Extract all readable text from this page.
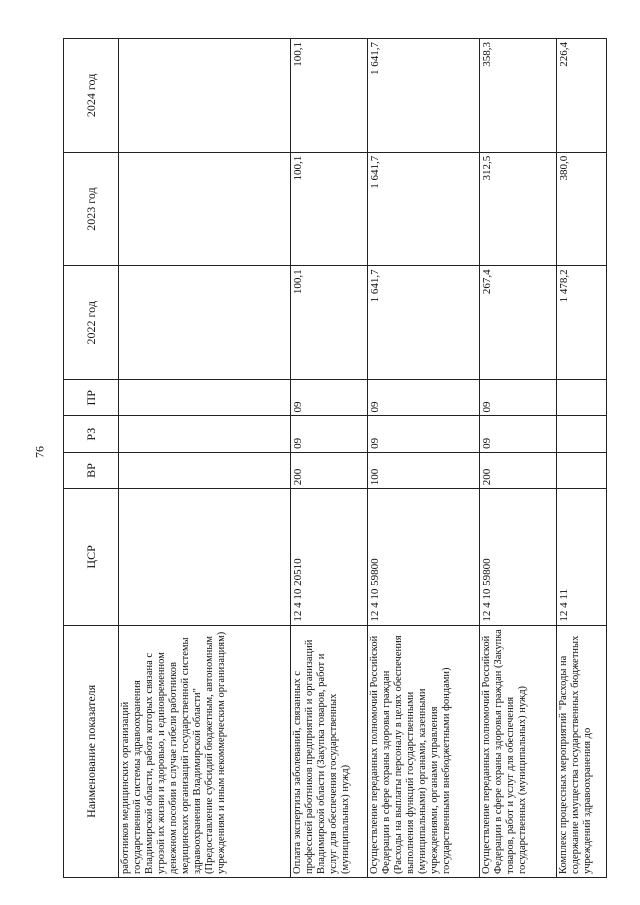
76
Наименование показателя	ЦСР	ВР	РЗ	ПР	2022 год	2023 год	2024 год
работников медицинских организаций государственной системы здравоохранения Владимирской области, работа которых связана с угрозой их жизни и здоровью, и единовременном денежном пособии в случае гибели работников медицинских организаций государственной системы здравоохранения Владимирской области" (Предоставление субсидий бюджетным, автономным учреждениям и иным некоммерческим организациям)							
Оплата экспертизы заболеваний, связанных с профессией работников предприятий и организаций Владимирской области (Закупка товаров, работ и услуг для обеспечения государственных (муниципальных) нужд)	12 4 10 20510	200	09	09	100,1	100,1	100,1
Осуществление переданных полномочий Российской Федерации в сфере охраны здоровья граждан (Расходы на выплаты персоналу в целях обеспечения выполнения функций государственными (муниципальными) органами, казенными учреждениями, органами управления государственными внебюджетными фондами)	12 4 10 59800	100	09	09	1 641,7	1 641,7	1 641,7
Осуществление переданных полномочий Российской Федерации в сфере охраны здоровья граждан (Закупка товаров, работ и услуг для обеспечения государственных (муниципальных) нужд)	12 4 10 59800	200	09	09	267,4	312,5	358,3
Комплекс процессных мероприятий "Расходы на содержание имущества государственных бюджетных учреждений здравоохранения до	12 4 11				1 478,2	380,0	226,4
